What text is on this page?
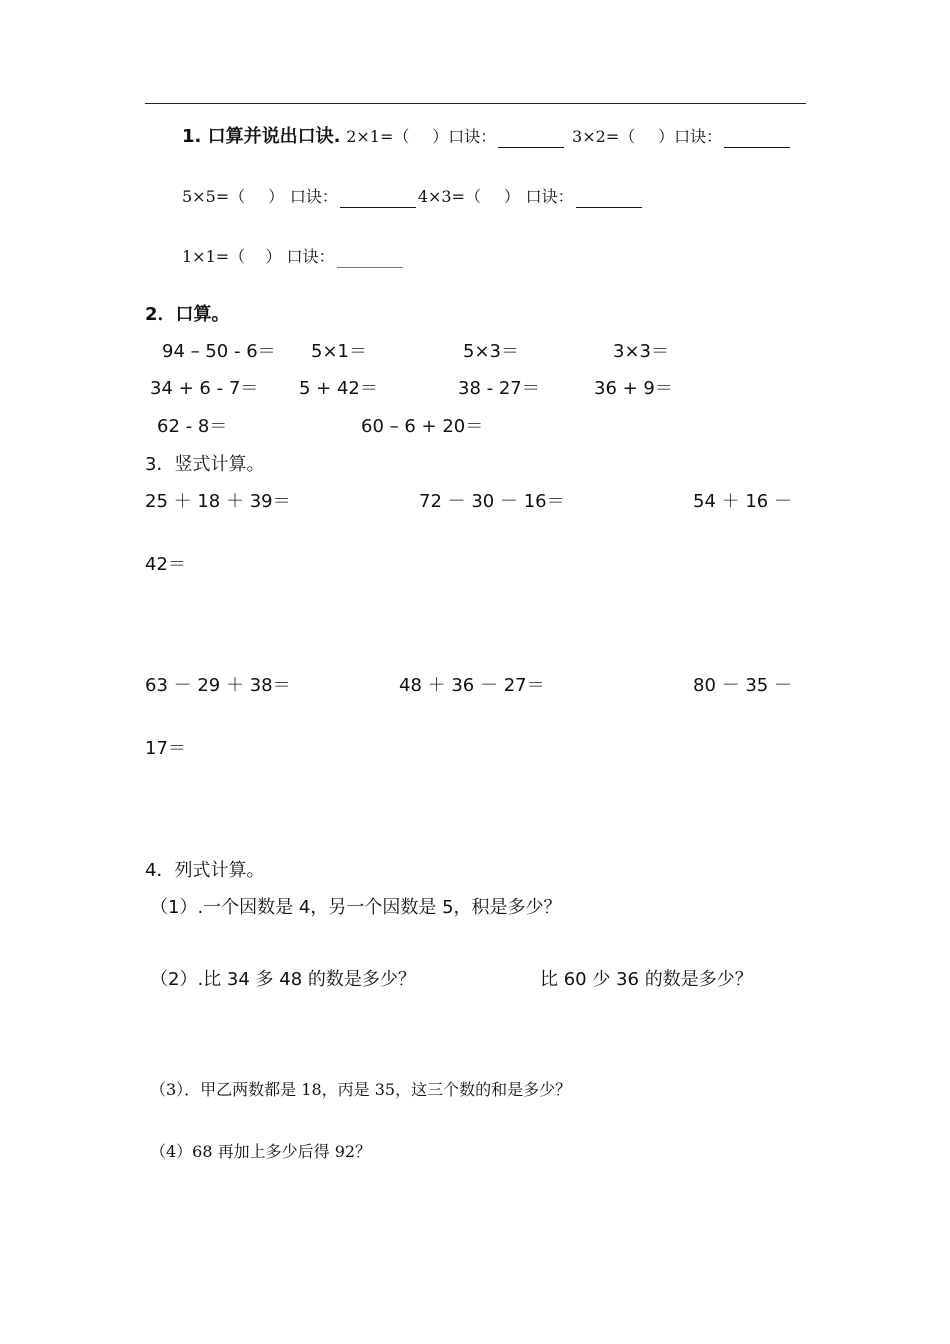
1. 口算并说出口诀. 2×1=（ ）口诀：	3×2=（ ）口诀：
5×5=（ ） 口诀：	4×3=（ ） 口诀：
1×1=（ ） 口诀：
2．口算。
94 – 50 - 6＝ 5×1＝	5×3＝	3×3＝
34 + 6 - 7＝ 5 + 42＝	38 - 27＝	36 + 9＝
62 - 8＝	60 – 6 + 20＝
3．竖式计算。
25 ＋ 18 ＋ 39＝	72 － 30 － 16＝	54 ＋ 16 －
42＝
63 － 29 ＋ 38＝	48 ＋ 36 － 27＝	80 － 35 －
17＝
4．列式计算。
（1）.一个因数是 4，另一个因数是 5，积是多少？
（2）.比 34 多 48 的数是多少？	比 60 少 36 的数是多少？
（3）．甲乙两数都是 18，丙是 35，这三个数的和是多少？
（4）68 再加上多少后得 92？
